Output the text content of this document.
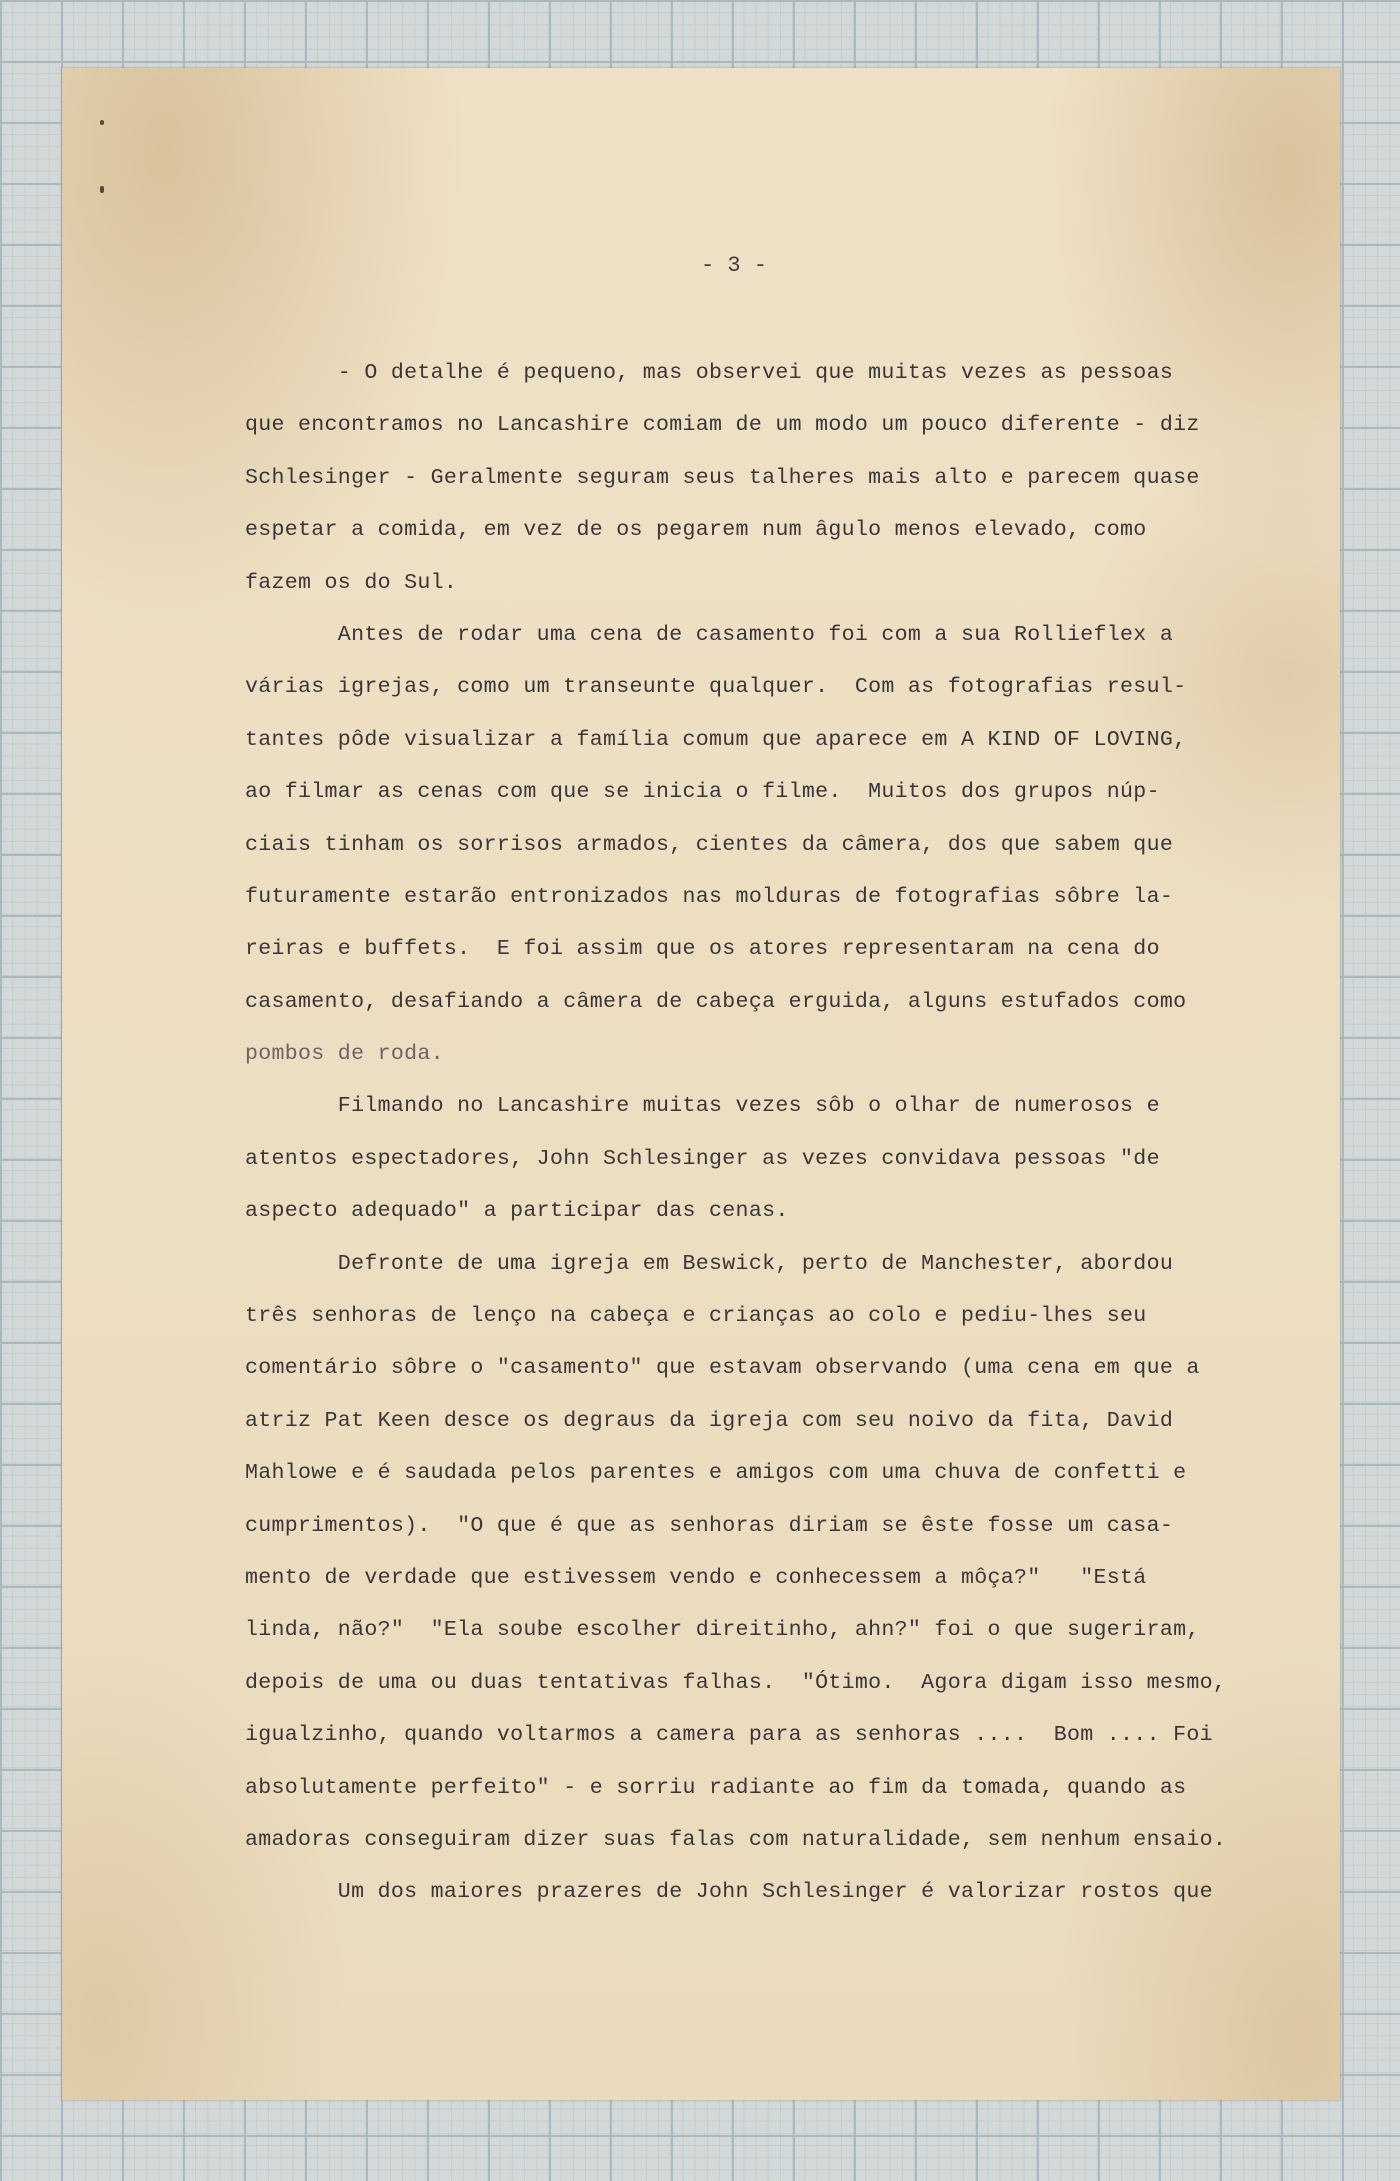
- 3 -
- O detalhe é pequeno, mas observei que muitas vezes as pessoas
que encontramos no Lancashire comiam de um modo um pouco diferente - diz
Schlesinger - Geralmente seguram seus talheres mais alto e parecem quase
espetar a comida, em vez de os pegarem num âgulo menos elevado, como
fazem os do Sul.
Antes de rodar uma cena de casamento foi com a sua Rollieflex a
várias igrejas, como um transeunte qualquer.  Com as fotografias resul-
tantes pôde visualizar a família comum que aparece em A KIND OF LOVING,
ao filmar as cenas com que se inicia o filme.  Muitos dos grupos núp-
ciais tinham os sorrisos armados, cientes da câmera, dos que sabem que
futuramente estarão entronizados nas molduras de fotografias sôbre la-
reiras e buffets.  E foi assim que os atores representaram na cena do
casamento, desafiando a câmera de cabeça erguida, alguns estufados como
pombos de roda.
Filmando no Lancashire muitas vezes sôb o olhar de numerosos e
atentos espectadores, John Schlesinger as vezes convidava pessoas "de
aspecto adequado" a participar das cenas.
Defronte de uma igreja em Beswick, perto de Manchester, abordou
três senhoras de lenço na cabeça e crianças ao colo e pediu-lhes seu
comentário sôbre o "casamento" que estavam observando (uma cena em que a
atriz Pat Keen desce os degraus da igreja com seu noivo da fita, David
Mahlowe e é saudada pelos parentes e amigos com uma chuva de confetti e
cumprimentos).  "O que é que as senhoras diriam se êste fosse um casa-
mento de verdade que estivessem vendo e conhecessem a môça?"   "Está
linda, não?"  "Ela soube escolher direitinho, ahn?" foi o que sugeriram,
depois de uma ou duas tentativas falhas.  "Ótimo.  Agora digam isso mesmo,
igualzinho, quando voltarmos a camera para as senhoras ....  Bom .... Foi
absolutamente perfeito" - e sorriu radiante ao fim da tomada, quando as
amadoras conseguiram dizer suas falas com naturalidade, sem nenhum ensaio.
Um dos maiores prazeres de John Schlesinger é valorizar rostos que
